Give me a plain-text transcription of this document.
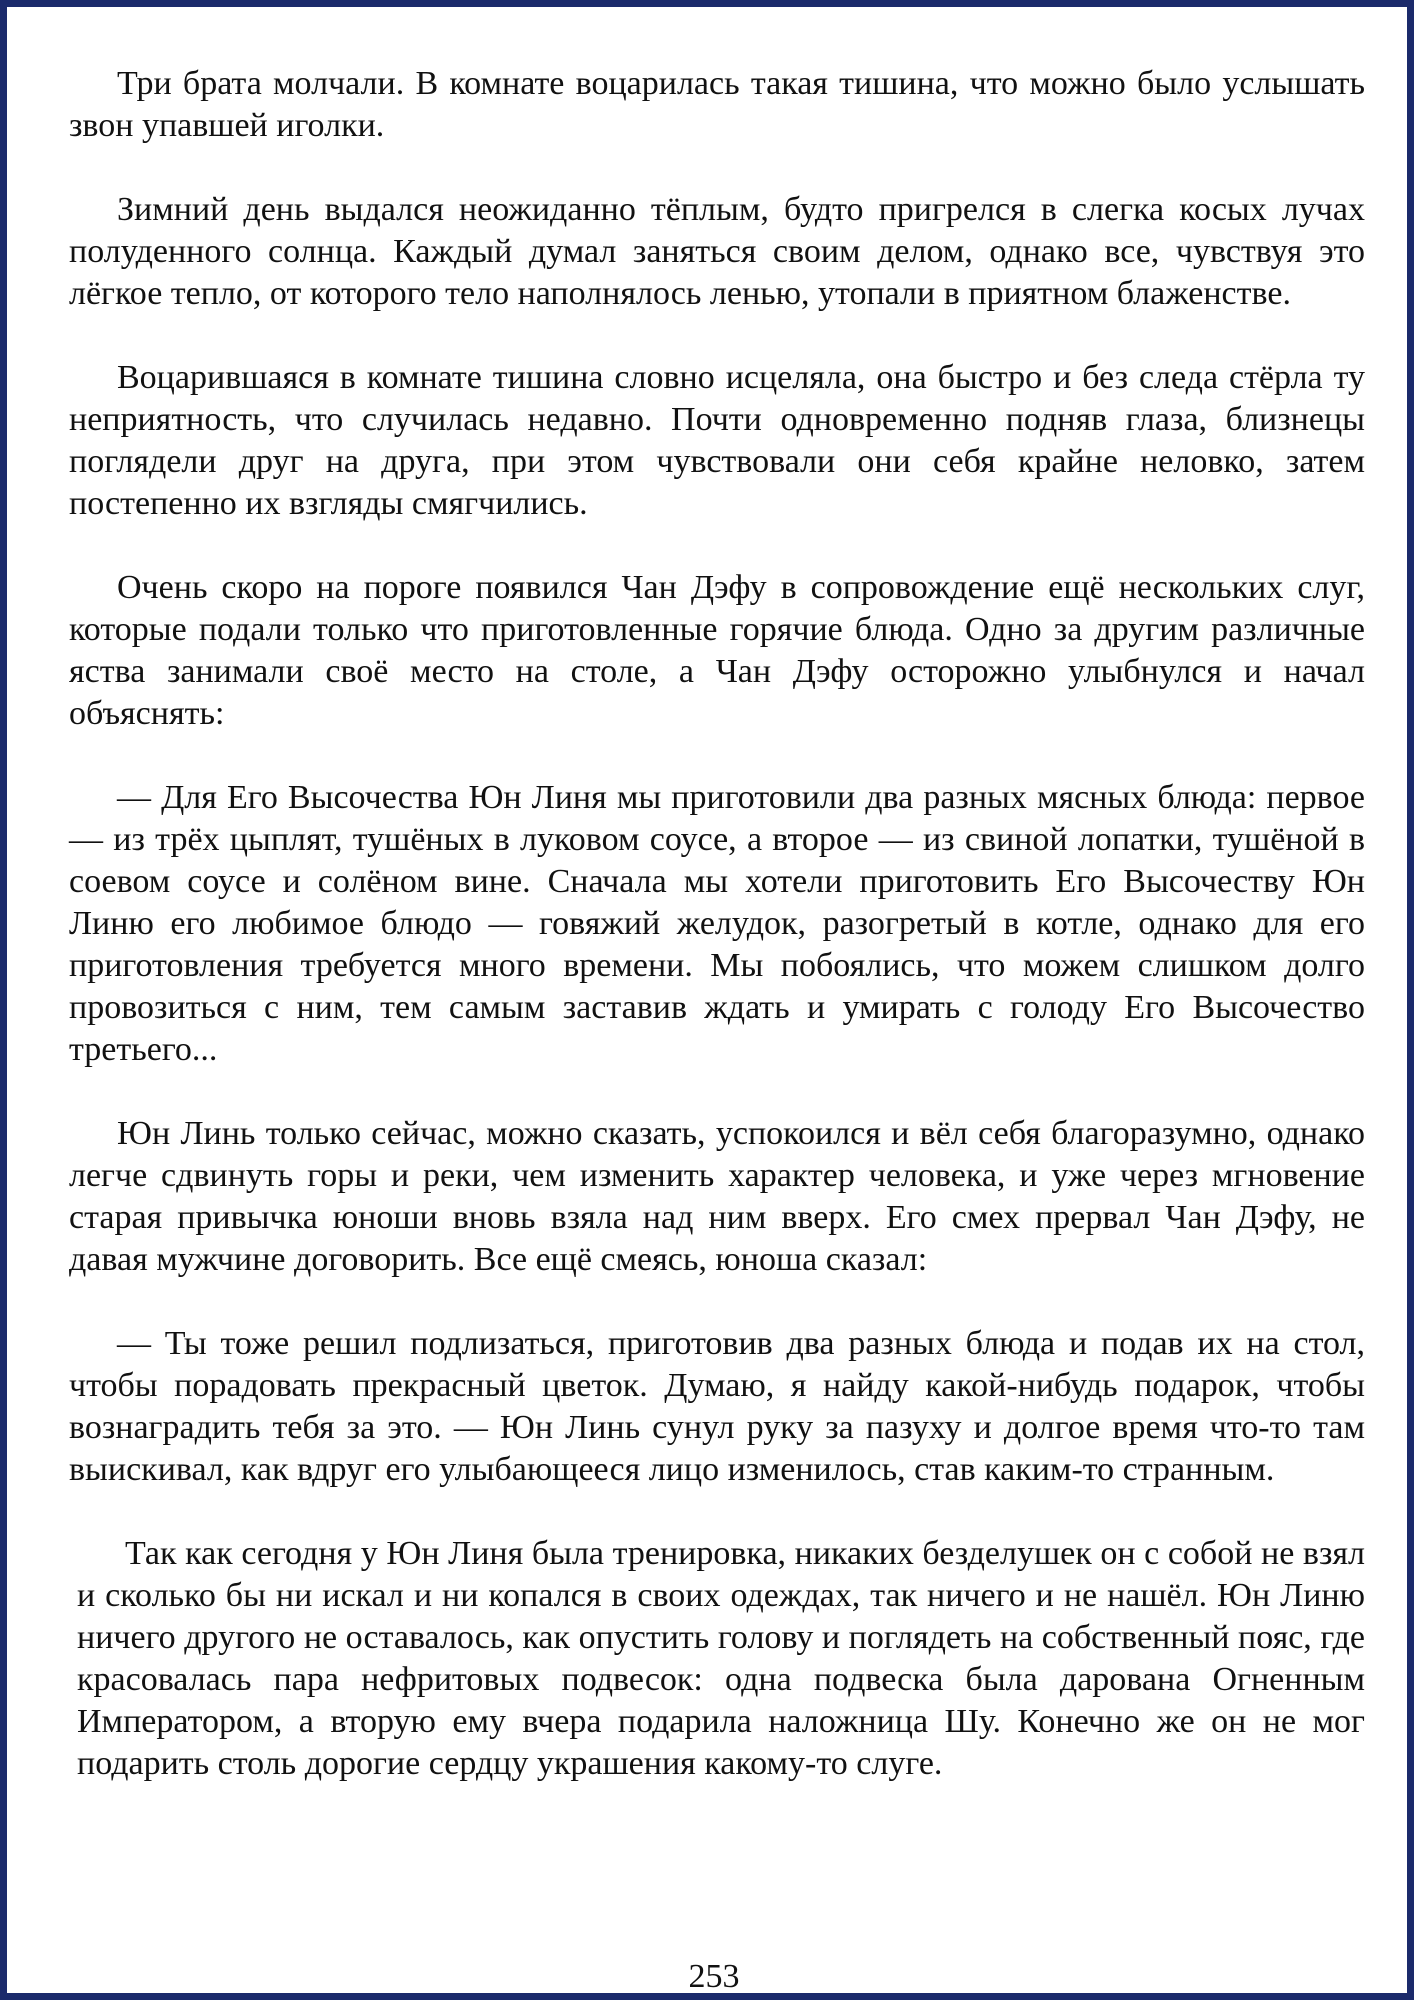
Три брата молчали. В комнате воцарилась такая тишина, что можно было услышать звон упавшей иголки.

Зимний день выдался неожиданно тёплым, будто пригрелся в слегка косых лучах полуденного солнца. Каждый думал заняться своим делом, однако все, чувствуя это лёгкое тепло, от которого тело наполнялось ленью, утопали в приятном блаженстве.

Воцарившаяся в комнате тишина словно исцеляла, она быстро и без следа стёрла ту неприятность, что случилась недавно. Почти одновременно подняв глаза, близнецы поглядели друг на друга, при этом чувствовали они себя крайне неловко, затем постепенно их взгляды смягчились.

Очень скоро на пороге появился Чан Дэфу в сопровождение ещё нескольких слуг, которые подали только что приготовленные горячие блюда. Одно за другим различные яства занимали своё место на столе, а Чан Дэфу осторожно улыбнулся и начал объяснять:

— Для Его Высочества Юн Линя мы приготовили два разных мясных блюда: первое — из трёх цыплят, тушёных в луковом соусе, а второе — из свиной лопатки, тушёной в соевом соусе и солёном вине. Сначала мы хотели приготовить Его Высочеству Юн Линю его любимое блюдо — говяжий желудок, разогретый в котле, однако для его приготовления требуется много времени. Мы побоялись, что можем слишком долго провозиться с ним, тем самым заставив ждать и умирать с голоду Его Высочество третьего...

Юн Линь только сейчас, можно сказать, успокоился и вёл себя благоразумно, однако легче сдвинуть горы и реки, чем изменить характер человека, и уже через мгновение старая привычка юноши вновь взяла над ним вверх. Его смех прервал Чан Дэфу, не давая мужчине договорить. Все ещё смеясь, юноша сказал:

— Ты тоже решил подлизаться, приготовив два разных блюда и подав их на стол, чтобы порадовать прекрасный цветок. Думаю, я найду какой-нибудь подарок, чтобы вознаградить тебя за это. — Юн Линь сунул руку за пазуху и долгое время что-то там выискивал, как вдруг его улыбающееся лицо изменилось, став каким-то странным.

Так как сегодня у Юн Линя была тренировка, никаких безделушек он с собой не взял и сколько бы ни искал и ни копался в своих одеждах, так ничего и не нашёл. Юн Линю ничего другого не оставалось, как опустить голову и поглядеть на собственный пояс, где красовалась пара нефритовых подвесок: одна подвеска была дарована Огненным Императором, а вторую ему вчера подарила наложница Шу. Конечно же он не мог подарить столь дорогие сердцу украшения какому-то слуге.

253
